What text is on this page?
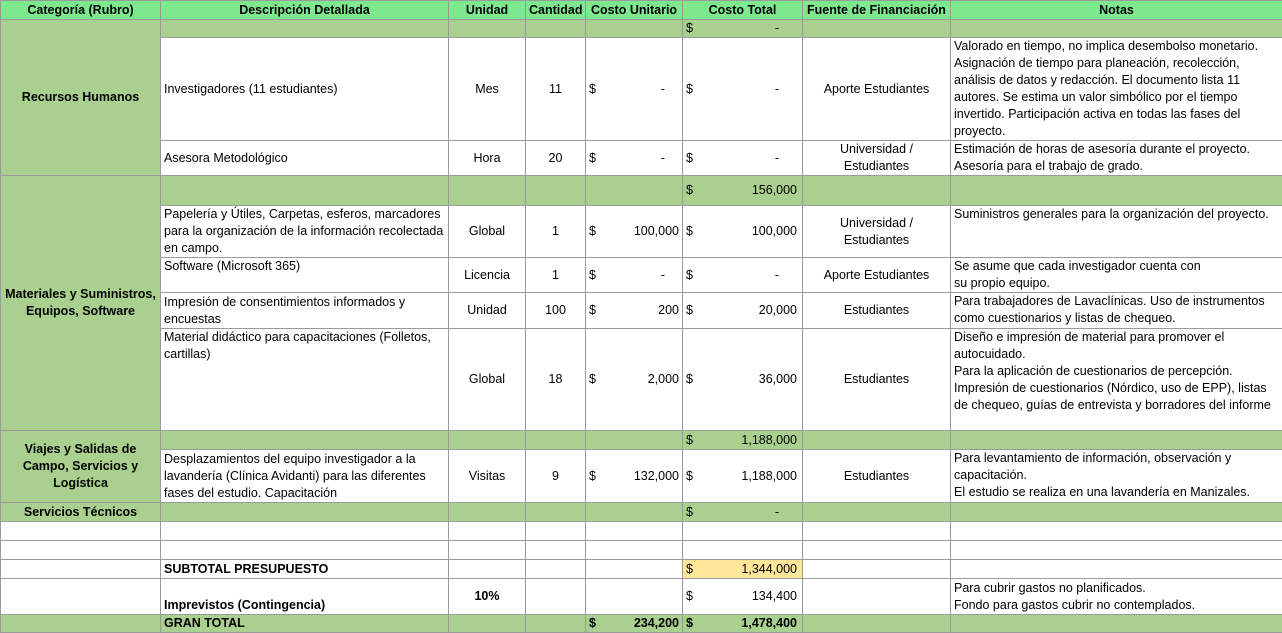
Categoría (Rubro)	Descripción Detallada	Unidad	Cantidad	Costo Unitario	Costo Total	Fuente de Financiación	Notas
Recursos Humanos					$ -		

	Investigadores (11 estudiantes)	Mes	11	$ -	$ -	Aporte Estudiantes	Valorado en tiempo, no implica desembolso monetario. Asignación de tiempo para planeación, recolección, análisis de datos y redacción. El documento lista 11 autores. Se estima un valor simbólico por el tiempo invertido. Participación activa en todas las fases del proyecto.
	Asesora Metodológico	Hora	20	$ -	$ -	Universidad / Estudiantes	Estimación de horas de asesoría durante el proyecto. Asesoría para el trabajo de grado.
Materiales y Suministros, Equipos, Software					$ 156,000		

	Papelería y Útiles, Carpetas, esferos, marcadores para la organización de la información recolectada en campo.	Global	1	$ 100,000	$ 100,000	Universidad / Estudiantes	Suministros generales para la organización del proyecto.
	Software (Microsoft 365)	Licencia	1	$ -	$ -	Aporte Estudiantes	Se asume que cada investigador cuenta con
su propio equipo.
	Impresión de consentimientos informados y encuestas	Unidad	100	$ 200	$ 20,000	Estudiantes	Para trabajadores de Lavaclínicas. Uso de instrumentos como cuestionarios y listas de chequeo.
	Material didáctico para capacitaciones (Folletos, cartillas)	Global	18	$ 2,000	$ 36,000	Estudiantes	Diseño e impresión de material para promover el autocuidado.
Para la aplicación de cuestionarios de percepción. Impresión de cuestionarios (Nórdico, uso de EPP), listas de chequeo, guías de entrevista y borradores del informe
Viajes y Salidas de Campo, Servicios y Logística					$ 1,188,000		

	Desplazamientos del equipo investigador a la lavandería (Clínica Avidanti) para las diferentes fases del estudio. Capacitación	Visitas	9	$ 132,000	$ 1,188,000	Estudiantes	Para levantamiento de información, observación y capacitación.
El estudio se realiza en una lavandería en Manizales.
Servicios Técnicos					$ -		

	SUBTOTAL PRESUPUESTO				$ 1,344,000		

	Imprevistos (Contingencia)	10%			$ 134,400		Para cubrir gastos no planificados.
Fondo para gastos cubrir no contemplados.
	GRAN TOTAL			$ 234,200	$ 1,478,400		
